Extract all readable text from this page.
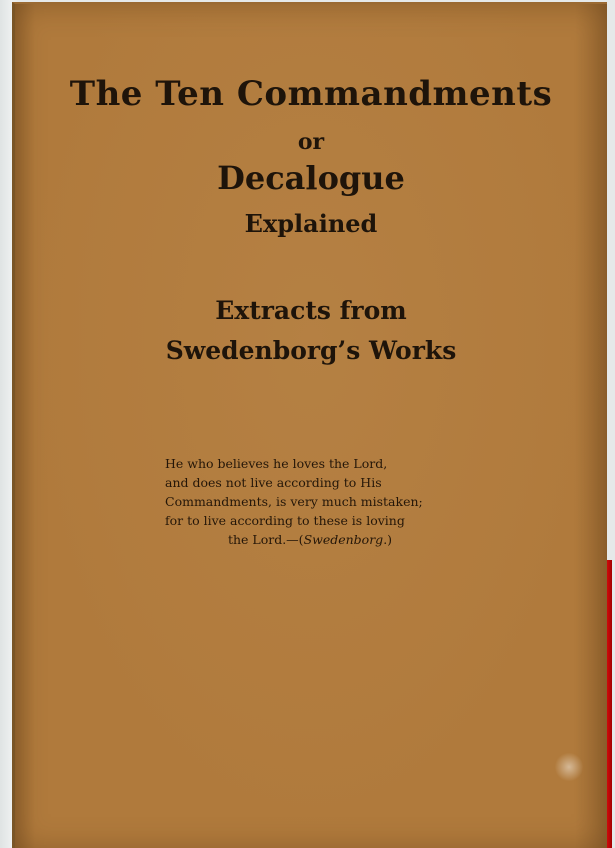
The Ten Commandments
or
Decalogue
Explained
Extracts from
Swedenborg’s Works
He who believes he loves the Lord,
and does not live according to His
Commandments, is very much mistaken;
for to live according to these is loving
the Lord.—(Swedenborg.)
